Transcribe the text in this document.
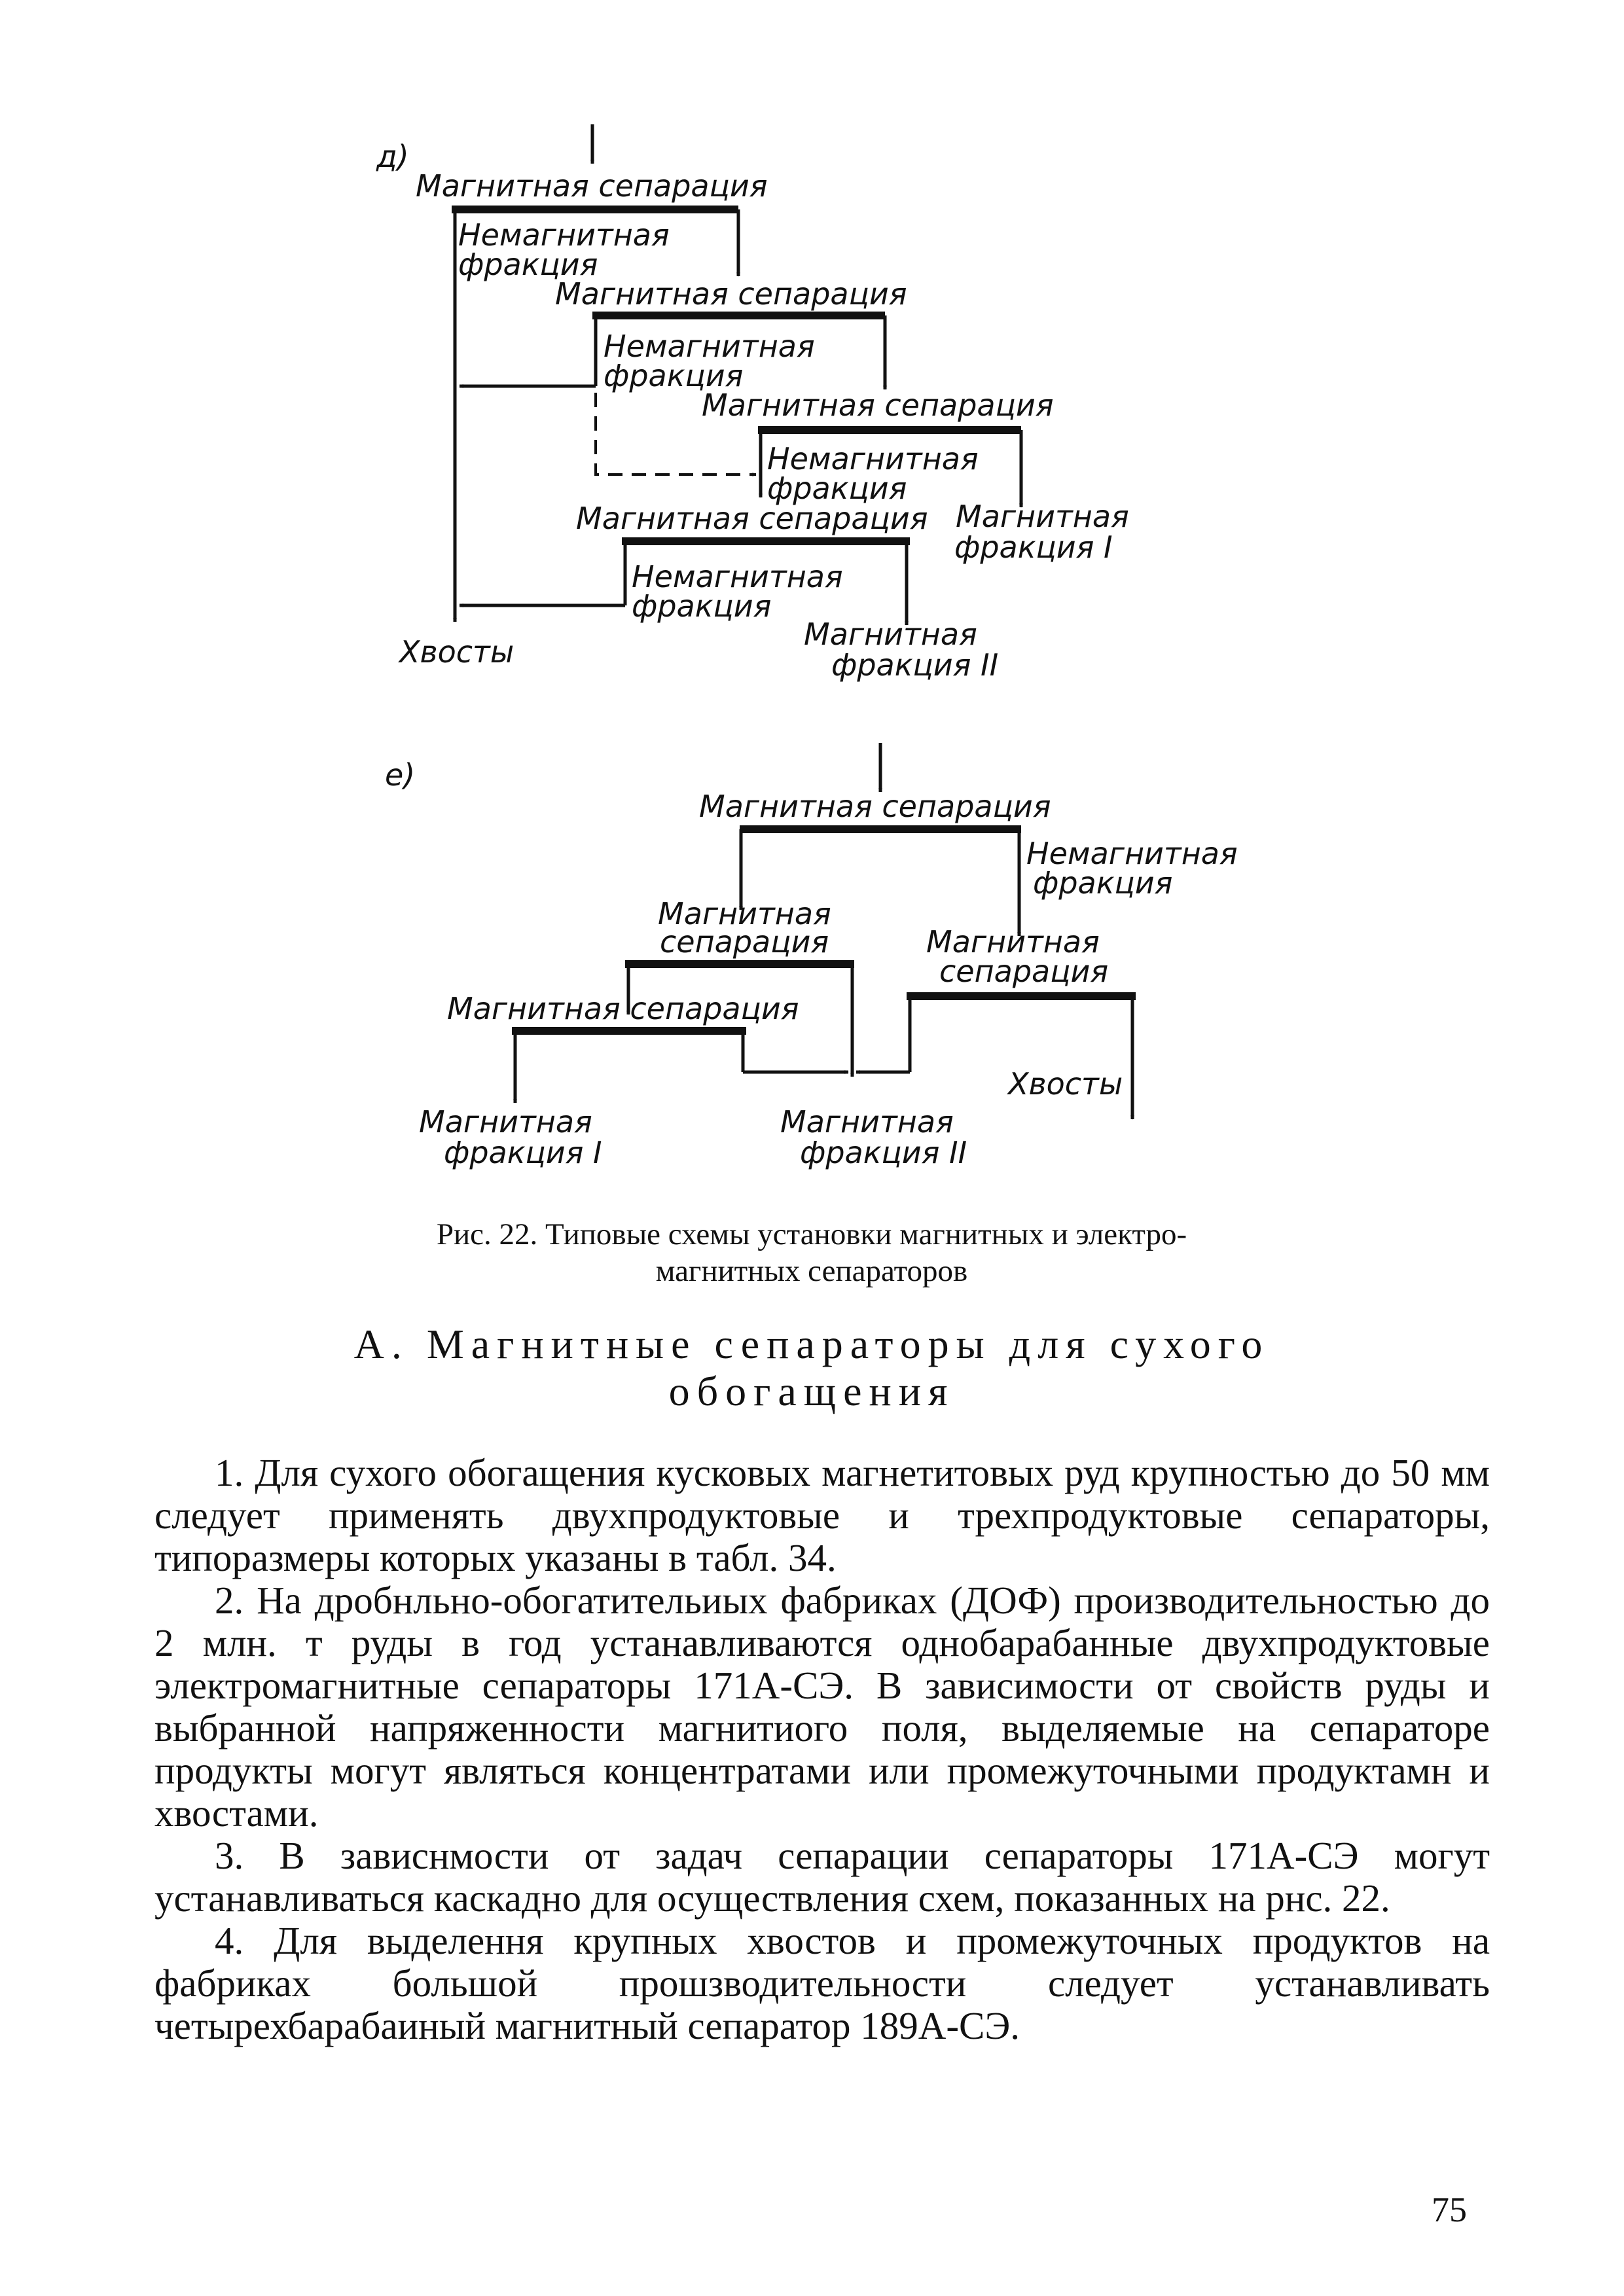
д)
Магнитная сепарация
Немагнитная
фракция
Магнитная сепарация
Немагнитная
фракция
Магнитная сепарация
Немагнитная
фракция
Магнитная сепарация Магнитная
фракция I
Немагнитная
фракция
Хвосты	Магнитная
фракция II
е)
Магнитная сепарация
Немагнитная
фракция
Магнитная
сепарация	Магнитная
сепарация
Магнитная сепарация
Хвосты
Магнитная
фракция I
Магнитная
фракция II
Рис. 22. Типовые схемы установки магнитных и электро-
магнитных сепараторов
А. Магнитные сепараторы для сухого
обогащения

1. Для сухого обогащения кусковых магнетитовых руд крупностью до 50 мм следует применять двухпродуктовые и трехпродуктовые сепараторы, типоразмеры которых указаны в табл. 34.

2. На дробнльно-обогатительиых фабриках (ДОФ) производительностью до 2 млн. т руды в год устанавливаются однобарабанные двухпродуктовые электромагнитные сепараторы 171А-СЭ. В зависимости от свойств руды и выбранной напряженности магнитиого поля, выделяемые на сепараторе продукты могут являться концентратами или промежуточными продуктамн и хвостами.

3. В зависнмости от задач сепарации сепараторы 171А-СЭ могут устанавливаться каскадно для осуществления схем, показанных на рнс. 22.

4. Для выделення крупных хвостов и промежуточных продуктов на фабриках большой прошзводительности следует устанавливать четырехбарабаиный магнитный сепаратор 189А-СЭ.

75
